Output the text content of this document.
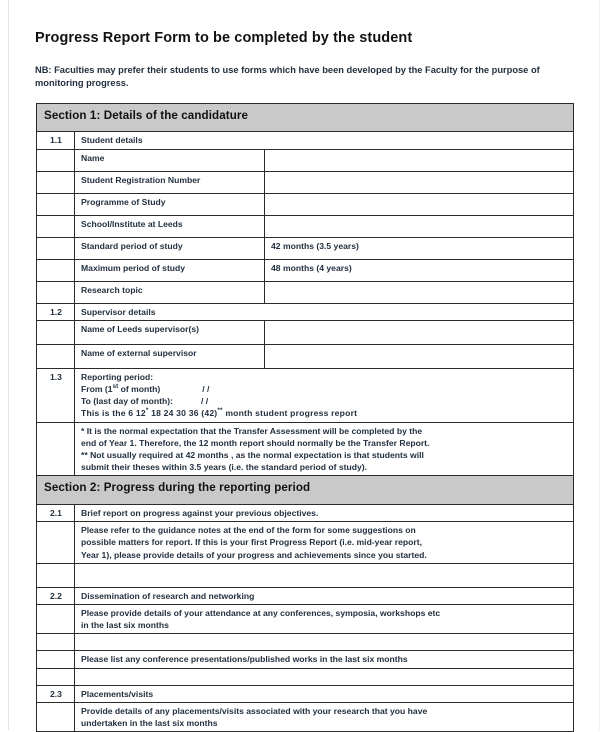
Progress Report Form to be completed by the student
NB: Faculties may prefer their students to use forms which have been developed by the Faculty for the purpose of monitoring progress.
Section 1: Details of the candidature		
1.1	Student details	
	Name	
	Student Registration Number	
	Programme of Study	
	School/Institute at Leeds	
	Standard period of study	42 months (3.5 years)
	Maximum period of study	48 months (4 years)
	Research topic	
1.2	Supervisor details	
	Name of Leeds supervisor(s)	
	Name of external supervisor	
1.3	Reporting period:
From (1st of month) / /
To (last day of month): / /
This is the 6 12* 18 24 30 36 (42)** month student progress report	

	* It is the normal expectation that the Transfer Assessment will be completed by the
end of Year 1. Therefore, the 12 month report should normally be the Transfer Report.
** Not usually required at 42 months , as the normal expectation is that students will
submit their theses within 3.5 years (i.e. the standard period of study).	

Section 2: Progress during the reporting period		
2.1	Brief report on progress against your previous objectives.	

	Please refer to the guidance notes at the end of the form for some suggestions on
possible matters for report. If this is your first Progress Report (i.e. mid-year report,
Year 1), please provide details of your progress and achievements since you started.	

2.2	Dissemination of research and networking	

	Please provide details of your attendance at any conferences, symposia, workshops etc
in the last six months	

	Please list any conference presentations/published works in the last six months	

2.3	Placements/visits	

	Provide details of any placements/visits associated with your research that you have
undertaken in the last six months	
